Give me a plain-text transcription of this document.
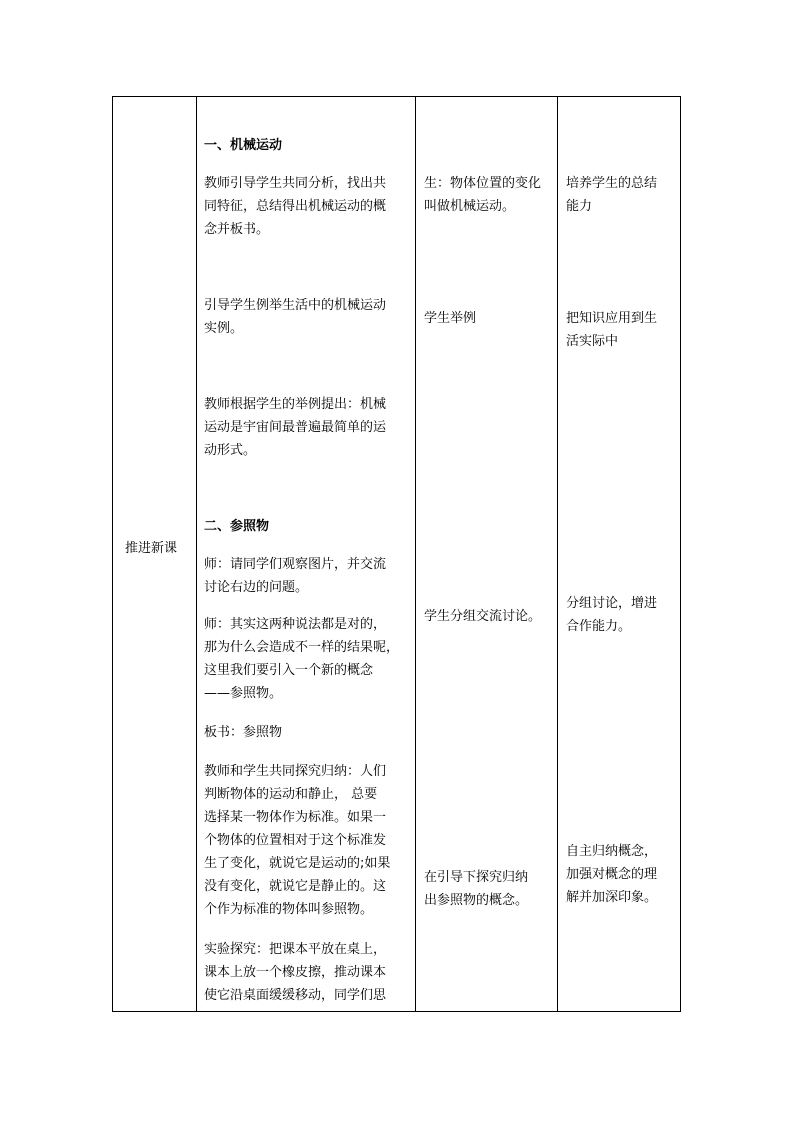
推进新课
一、机械运动
教师引导学生共同分析，找出共
同特征，总结得出机械运动的概
念并板书。
引导学生例举生活中的机械运动
实例。
教师根据学生的举例提出：机械
运动是宇宙间最普遍最简单的运
动形式。
二、参照物
师：请同学们观察图片，并交流
讨论右边的问题。
师：其实这两种说法都是对的，
那为什么会造成不一样的结果呢，
这里我们要引入一个新的概念
——参照物。
板书：参照物
教师和学生共同探究归纳：人们
判断物体的运动和静止， 总要
选择某一物体作为标准。如果一
个物体的位置相对于这个标准发
生了变化，就说它是运动的;如果
没有变化，就说它是静止的。这
个作为标准的物体叫参照物。
实验探究：把课本平放在桌上，
课本上放一个橡皮擦，推动课本
使它沿桌面缓缓移动，同学们思
生：物体位置的变化
叫做机械运动。
学生举例
学生分组交流讨论。
在引导下探究归纳
出参照物的概念。
培养学生的总结
能力
把知识应用到生
活实际中
分组讨论，增进
合作能力。
自主归纳概念，
加强对概念的理
解并加深印象。
